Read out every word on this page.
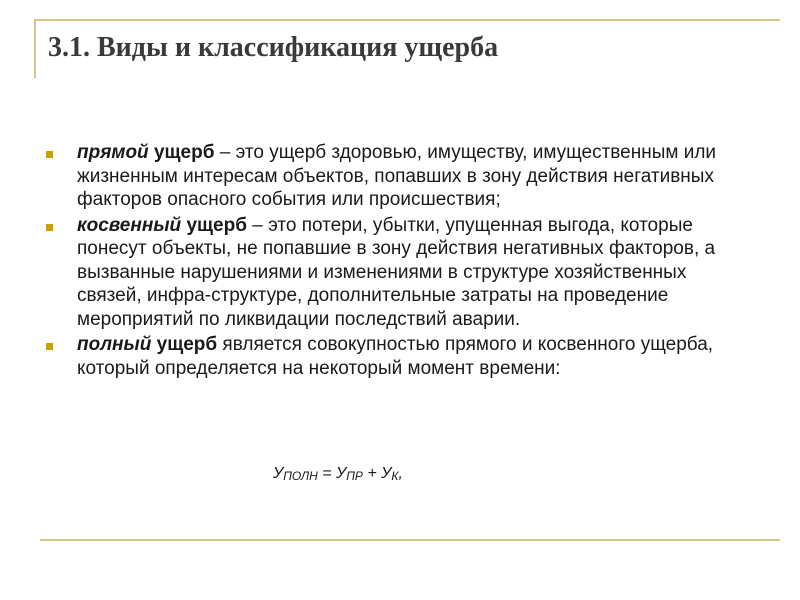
3.1. Виды и классификация ущерба
прямой ущерб – это ущерб здоровью, имуществу, имущественным или жизненным интересам объектов, попавших в зону действия негативных факторов опасного события или происшествия;
косвенный ущерб – это потери, убытки, упущенная выгода, которые понесут объекты, не попавшие в зону действия негативных факторов, а вызванные нарушениями и изменениями в структуре хозяйственных связей, инфра-структуре, дополнительные затраты на проведение мероприятий по ликвидации последствий аварии.
полный ущерб является совокупностью прямого и косвенного ущерба, который определяется на некоторый момент времени:
$У_{ПОЛН} = У_{ПР} + У_К$,
